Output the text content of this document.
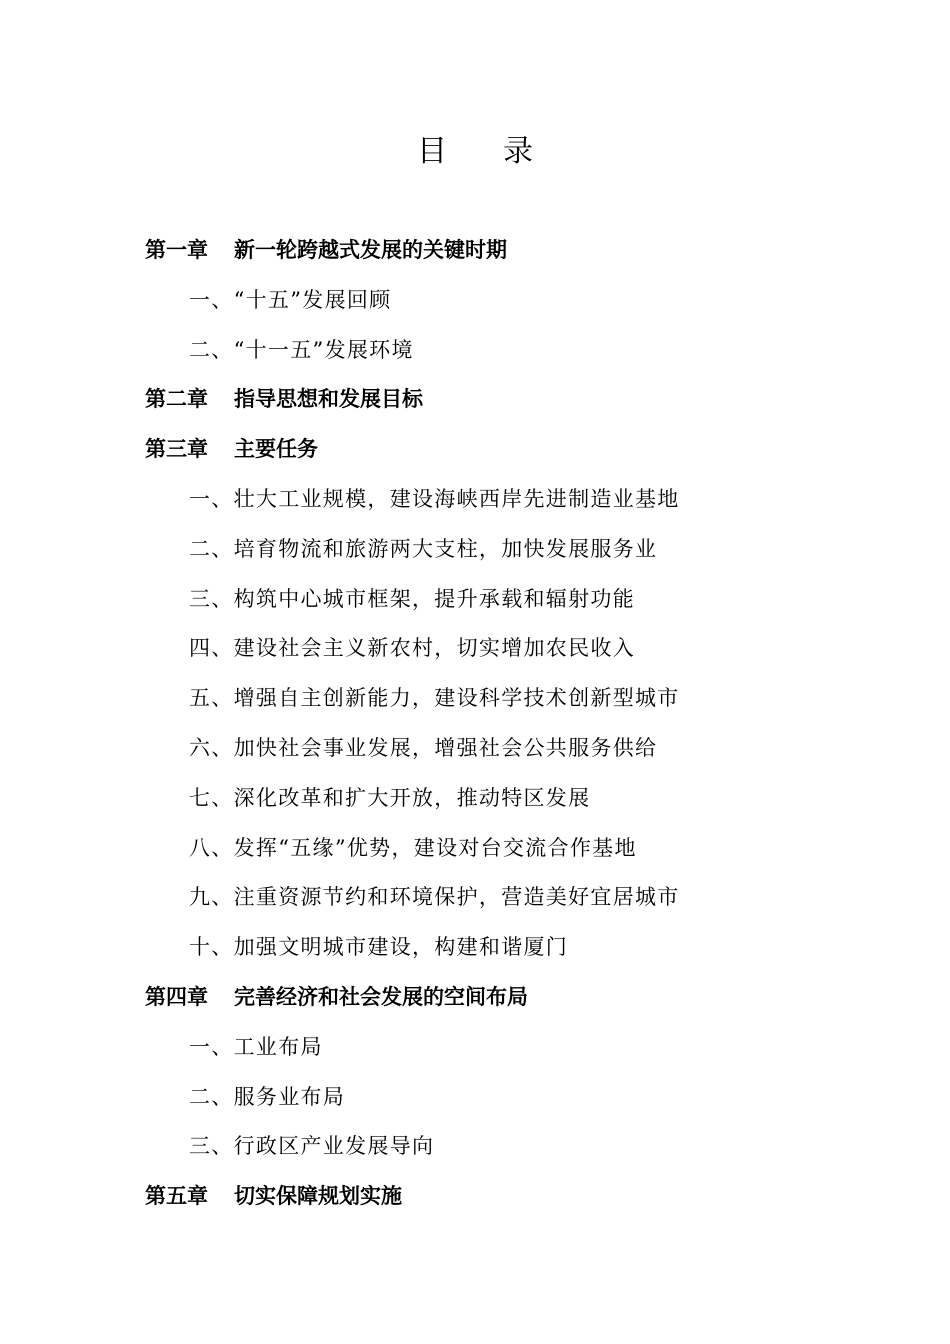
目 录
第一章 新一轮跨越式发展的关键时期
一、“十五”发展回顾
二、“十一五”发展环境
第二章 指导思想和发展目标
第三章 主要任务
一、壮大工业规模，建设海峡西岸先进制造业基地
二、培育物流和旅游两大支柱，加快发展服务业
三、构筑中心城市框架，提升承载和辐射功能
四、建设社会主义新农村，切实增加农民收入
五、增强自主创新能力，建设科学技术创新型城市
六、加快社会事业发展，增强社会公共服务供给
七、深化改革和扩大开放，推动特区发展
八、发挥“五缘”优势，建设对台交流合作基地
九、注重资源节约和环境保护，营造美好宜居城市
十、加强文明城市建设，构建和谐厦门
第四章 完善经济和社会发展的空间布局
一、工业布局
二、服务业布局
三、行政区产业发展导向
第五章 切实保障规划实施
